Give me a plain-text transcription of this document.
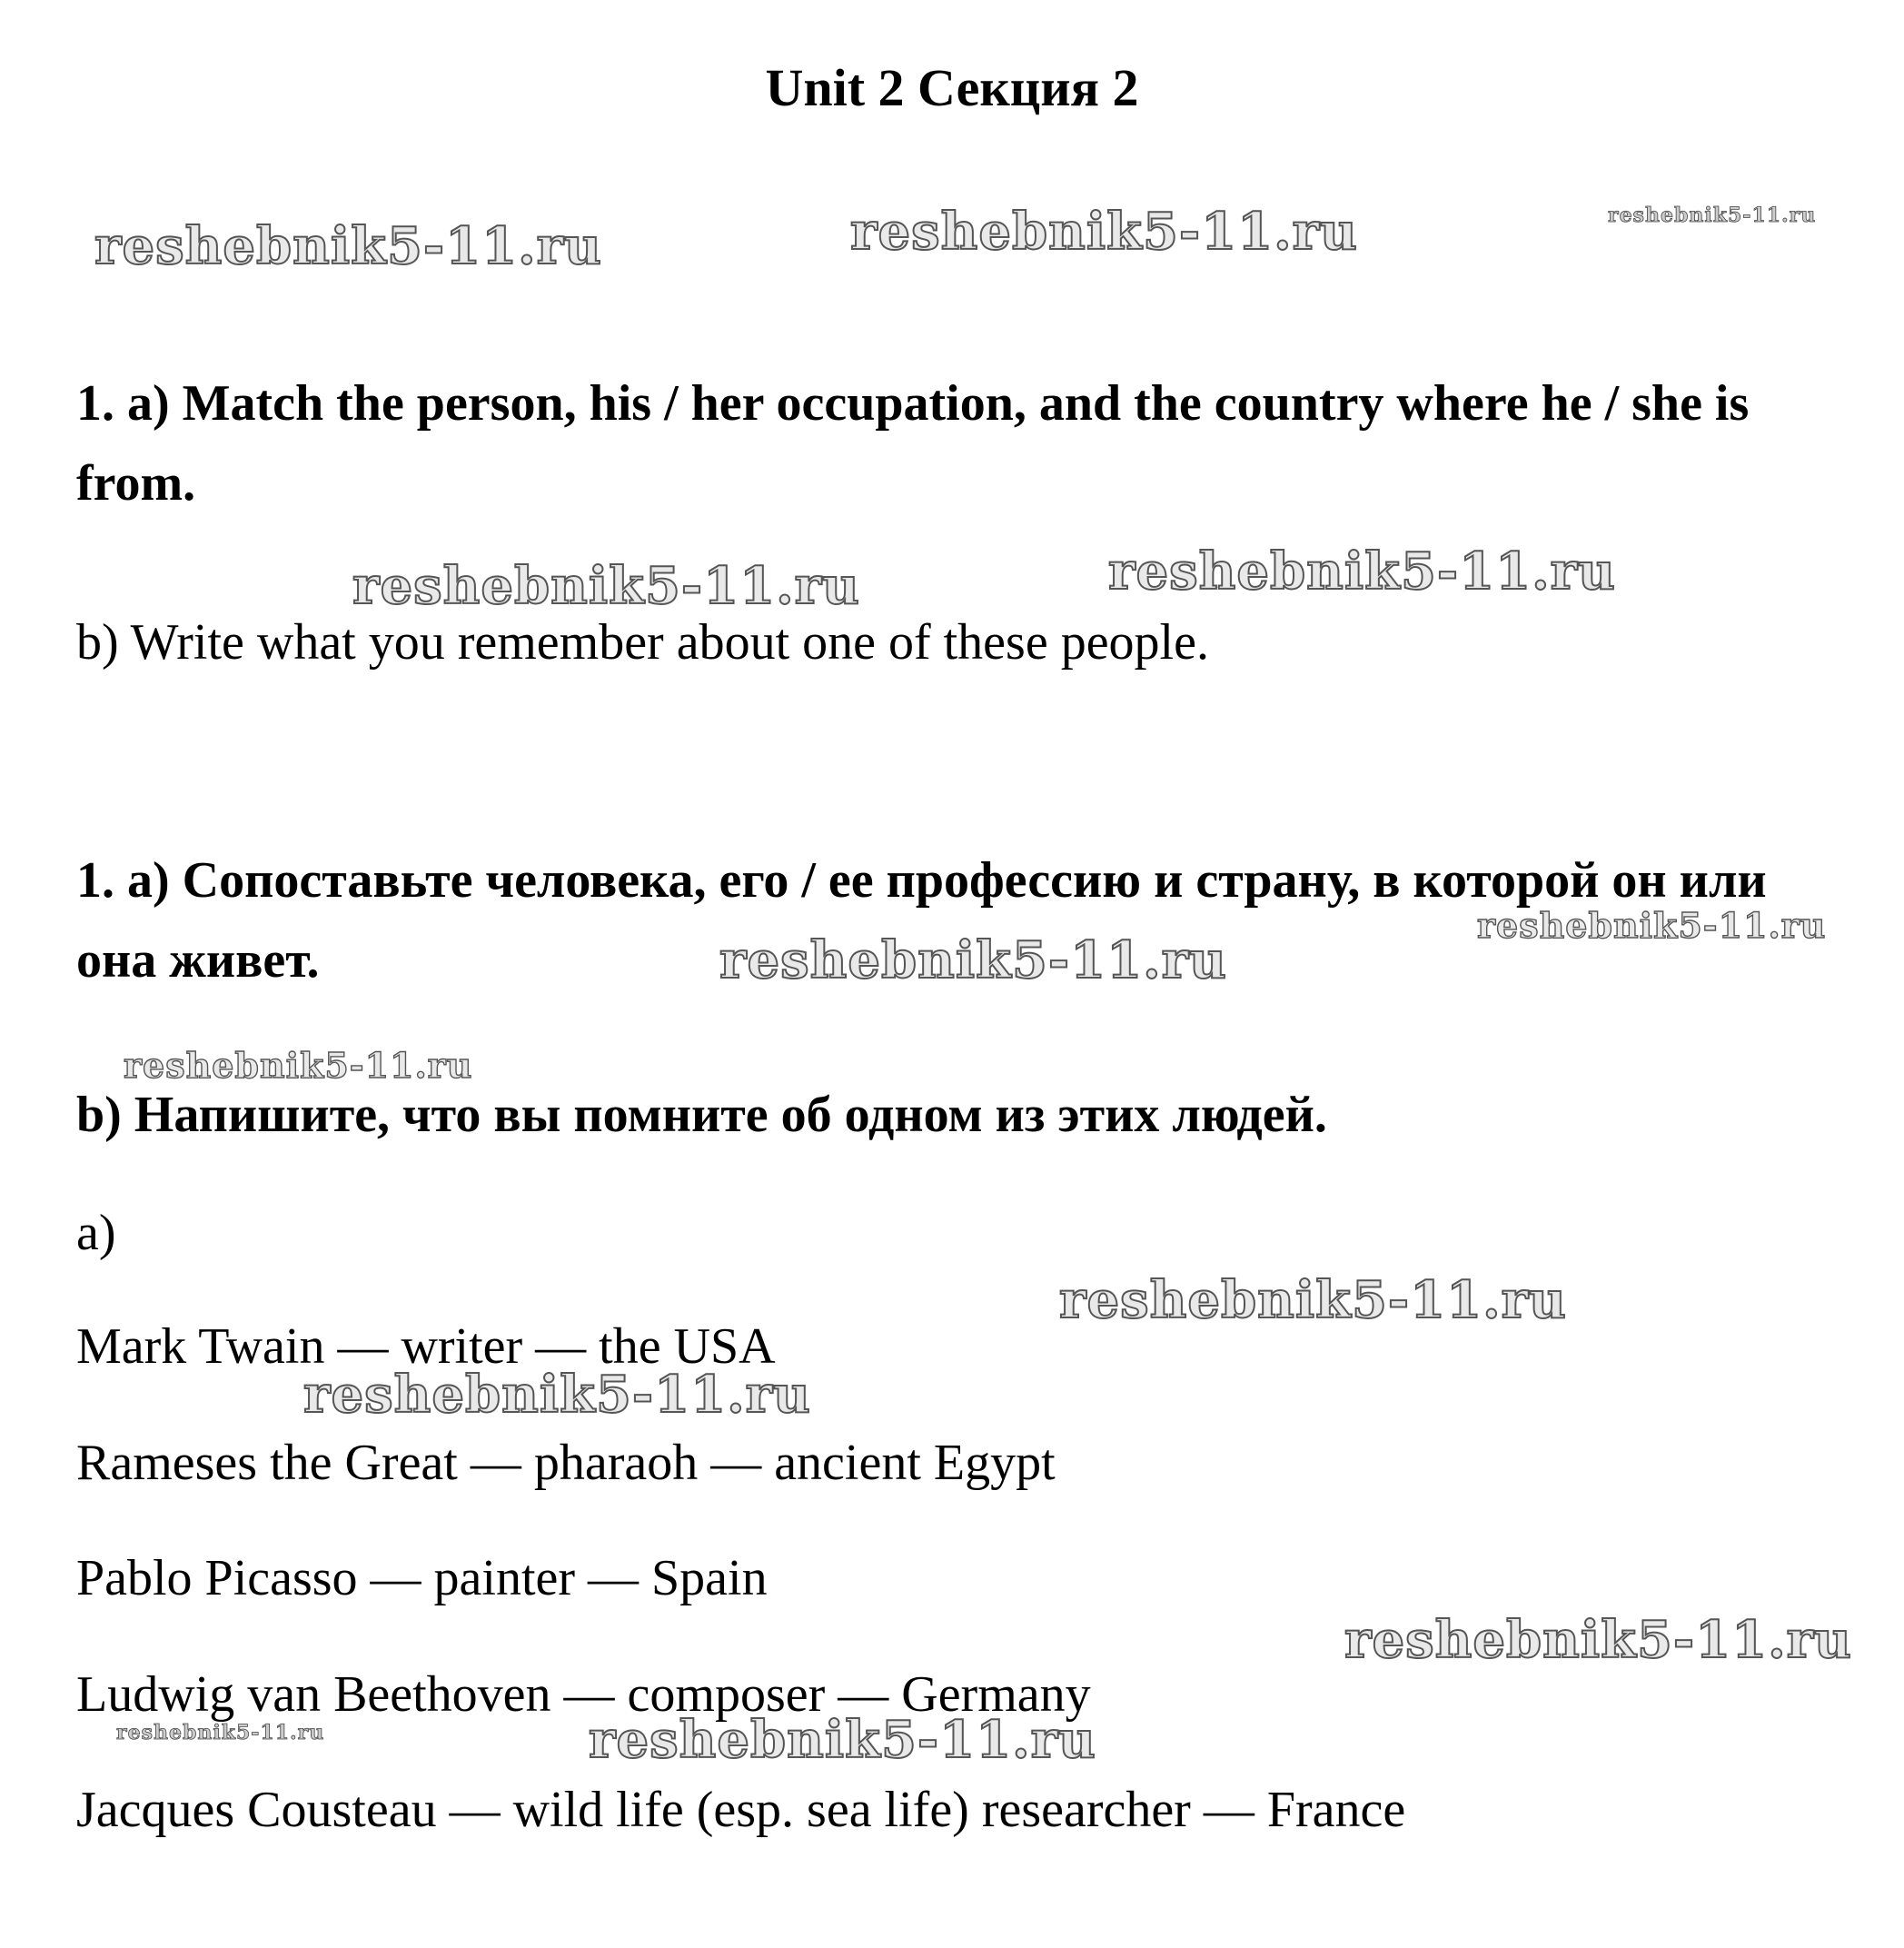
Unit 2 Секция 2
1. a) Match the person, his / her occupation, and the country where he / she is from.
b) Write what you remember about one of these people.
1. а) Сопоставьте человека, его / ее профессию и страну, в которой он или она живет.
b) Напишите, что вы помните об одном из этих людей.
a)
Mark Twain — writer — the USA
Rameses the Great — pharaoh — ancient Egypt
Pablo Picasso — painter — Spain
Ludwig van Beethoven — composer — Germany
Jacques Cousteau — wild life (esp. sea life) researcher — France
reshebnik5-11.ru	reshebnik5-11.ru	reshebnik5-11.ru
reshebnik5-11.ru	reshebnik5-11.ru
reshebnik5-11.ru
reshebnik5-11.ru
reshebnik5-11.ru
reshebnik5-11.ru
reshebnik5-11.ru
reshebnik5-11.ru
reshebnik5-11.ru	reshebnik5-11.ru
